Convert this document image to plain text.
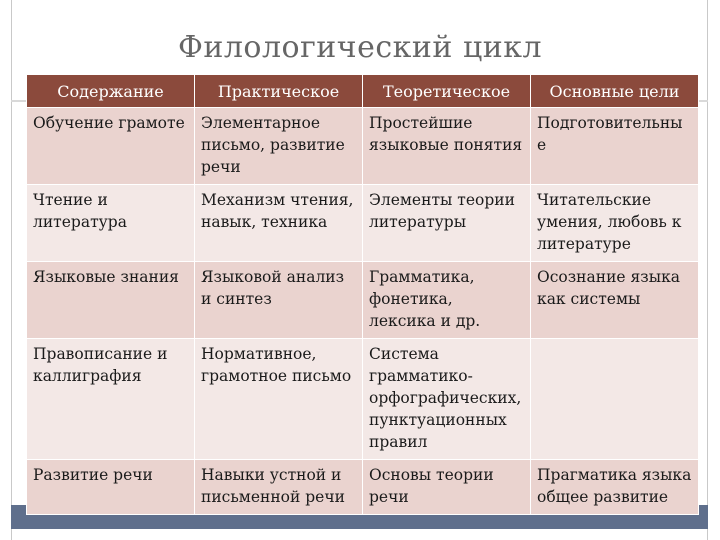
Филологический цикл
Содержание	Практическое	Теоретическое	Основные цели
Обучение грамоте	Элементарное письмо, развитие речи	Простейшие языковые понятия	Подготовительны е
Чтение и литература	Механизм чтения, навык, техника	Элементы теории литературы	Читательские умения, любовь к литературе
Языковые знания	Языковой анализ и синтез	Грамматика, фонетика, лексика и др.	Осознание языка как системы
Правописание и каллиграфия	Нормативное, грамотное письмо	Система грамматико-орфографических, пунктуационных правил	
Развитие речи	Навыки устной и письменной речи	Основы теории речи	Прагматика языка общее развитие
